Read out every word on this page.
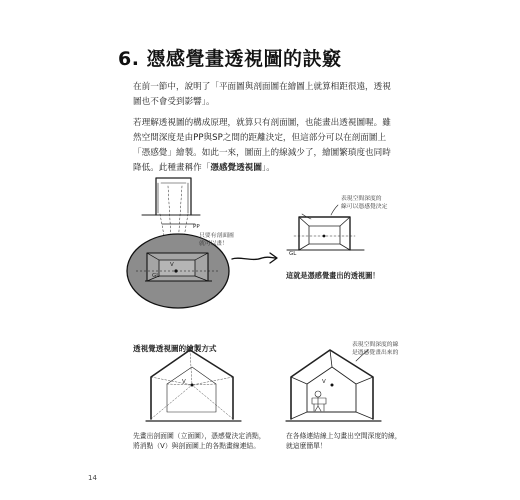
6. 憑感覺畫透視圖的訣竅

在前一節中，說明了「平面圖與剖面圖在繪圖上就算相距很遠，透視
圖也不會受到影響」。

若理解透視圖的構成原理，就算只有剖面圖，也能畫出透視圖喔。雖
然空間深度是由PP與SP之間的距離決定，但這部分可以在剖面圖上
「憑感覺」繪製。如此一來，圖面上的線減少了，繪圖繁瑣度也同時
降低。此種畫稱作「憑感覺透視圖」。

PP

只要有剖面圖
就可以畫！

GL
V

表現空間深度的
線可以憑感覺決定

GL

這就是憑感覺畫出的透視圖！

透視覺透視圖的繪製方式	表現空間深度的線
是憑感覺畫出來的

V	V

先畫出剖面圖（立面圖），憑感覺決定消點，
將消點（V）與剖面圖上的各點畫線連結。

在各條連結線上勾畫出空間深度的線，
就這麼簡單！

14
